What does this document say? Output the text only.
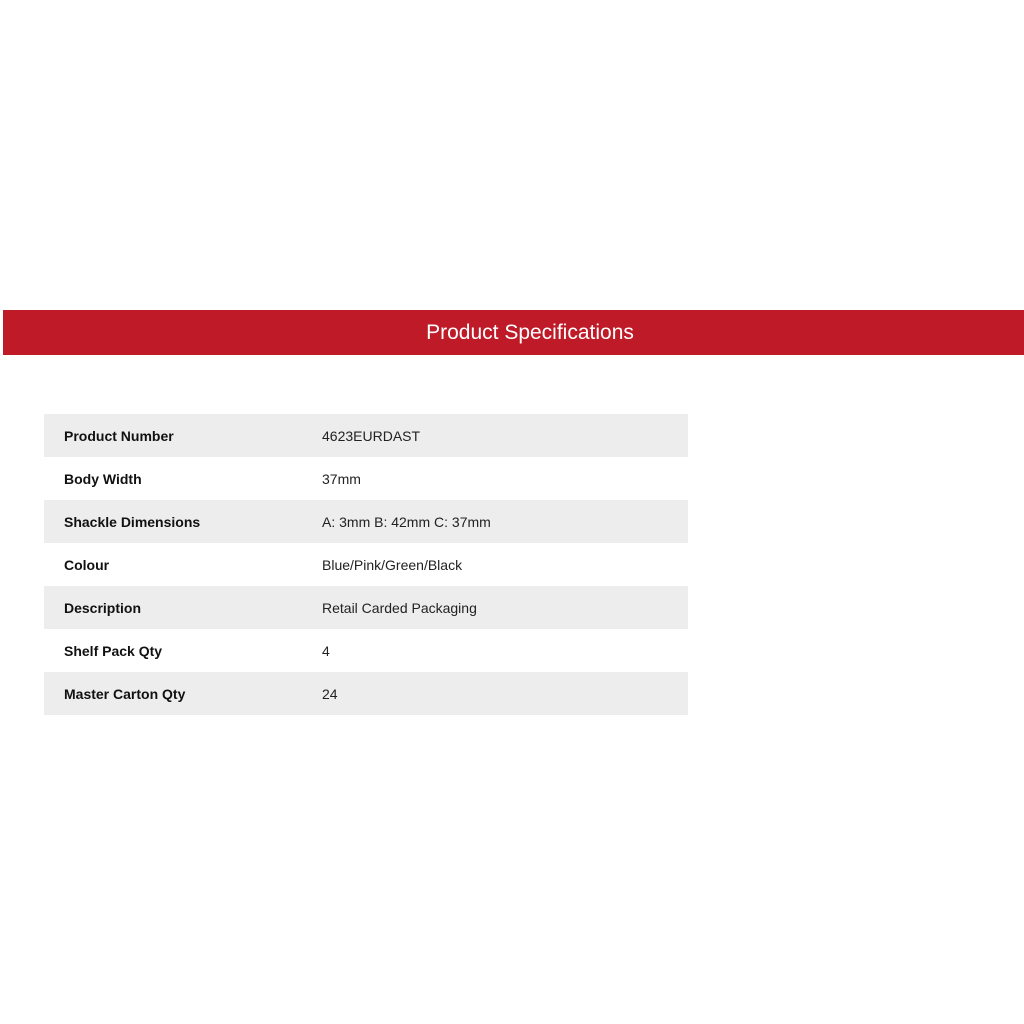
Product Specifications
Product Number	4623EURDAST
Body Width	37mm
Shackle Dimensions	A: 3mm B: 42mm C: 37mm
Colour	Blue/Pink/Green/Black
Description	Retail Carded Packaging
Shelf Pack Qty	4
Master Carton Qty	24
